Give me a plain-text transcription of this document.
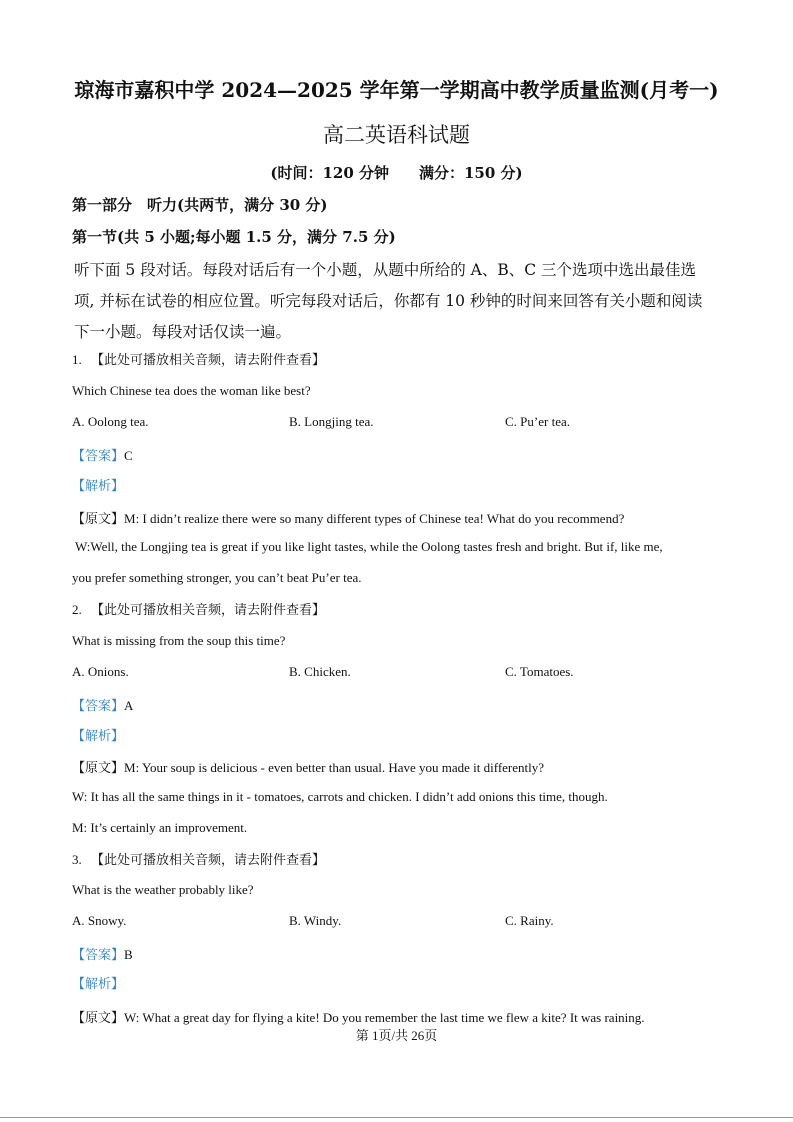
琼海市嘉积中学 2024—2025 学年第一学期高中教学质量监测(月考一)
高二英语科试题
(时间：120 分钟　　满分：150 分)
第一部分　听力(共两节，满分 30 分)
第一节(共 5 小题;每小题 1.5 分，满分 7.5 分)
听下面 5 段对话。每段对话后有一个小题，从题中所给的 A、B、C 三个选项中选出最佳选
项, 并标在试卷的相应位置。听完每段对话后，你都有 10 秒钟的时间来回答有关小题和阅读
下一小题。每段对话仅读一遍。
1. 【此处可播放相关音频，请去附件查看】
Which Chinese tea does the woman like best?
A. Oolong tea.	B. Longjing tea.	C. Pu’er tea.
【答案】C
【解析】
【原文】M: I didn’t realize there were so many different types of Chinese tea! What do you recommend?
W:Well, the Longjing tea is great if you like light tastes, while the Oolong tastes fresh and bright. But if, like me,
you prefer something stronger, you can’t beat Pu’er tea.
2. 【此处可播放相关音频，请去附件查看】
What is missing from the soup this time?
A. Onions.	B. Chicken.	C. Tomatoes.
【答案】A
【解析】
【原文】M: Your soup is delicious - even better than usual. Have you made it differently?
W: It has all the same things in it - tomatoes, carrots and chicken. I didn’t add onions this time, though.
M: It’s certainly an improvement.
3. 【此处可播放相关音频，请去附件查看】
What is the weather probably like?
A. Snowy.	B. Windy.	C. Rainy.
【答案】B
【解析】
【原文】W: What a great day for flying a kite! Do you remember the last time we flew a kite? It was raining.
第 1页/共 26页
